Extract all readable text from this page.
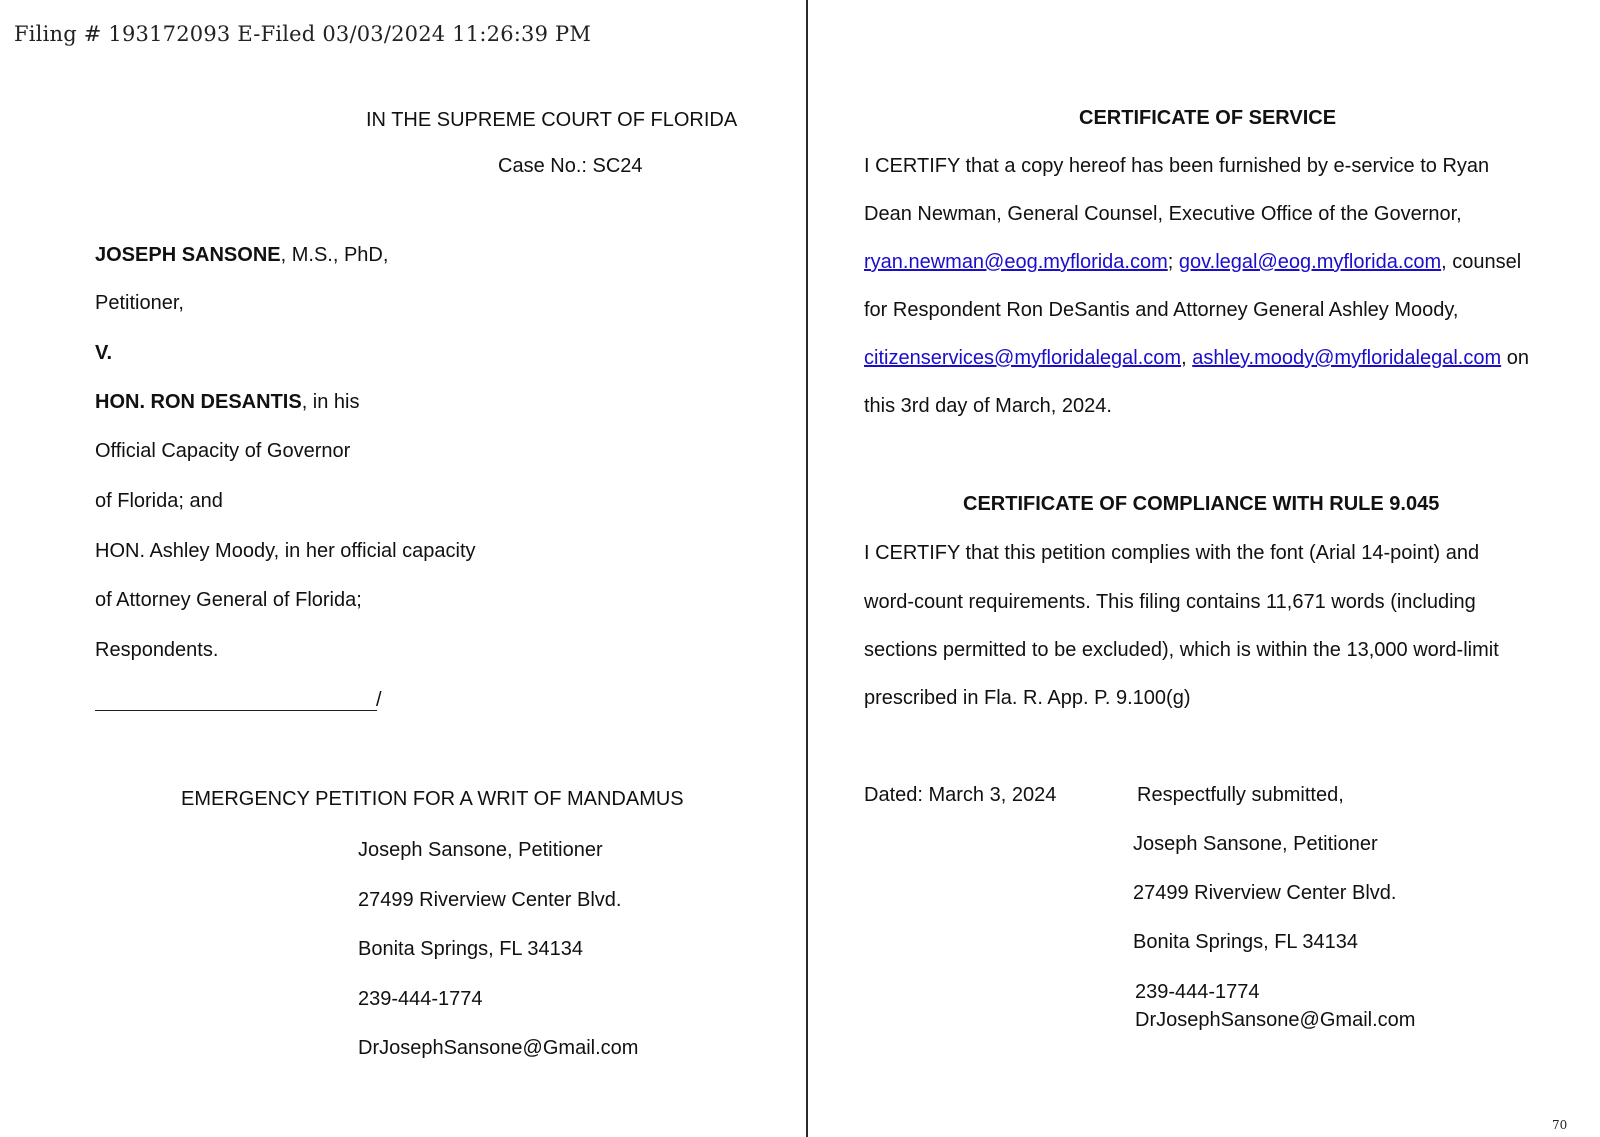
Filing # 193172093 E-Filed 03/03/2024 11:26:39 PM
IN THE SUPREME COURT OF FLORIDA
Case No.: SC24
JOSEPH SANSONE, M.S., PhD,
Petitioner,
V.
HON. RON DESANTIS, in his
Official Capacity of Governor
of Florida; and
HON. Ashley Moody, in her official capacity
of Attorney General of Florida;
Respondents.
/
EMERGENCY PETITION FOR A WRIT OF MANDAMUS
Joseph Sansone, Petitioner
27499 Riverview Center Blvd.
Bonita Springs, FL 34134
239-444-1774
DrJosephSansone@Gmail.com
CERTIFICATE OF SERVICE
I CERTIFY that a copy hereof has been furnished by e-service to Ryan
Dean Newman, General Counsel, Executive Office of the Governor,
ryan.newman@eog.myflorida.com; gov.legal@eog.myflorida.com, counsel
for Respondent Ron DeSantis and Attorney General Ashley Moody,
citizenservices@myfloridalegal.com, ashley.moody@myfloridalegal.com on
this 3rd day of March, 2024.
CERTIFICATE OF COMPLIANCE WITH RULE 9.045
I CERTIFY that this petition complies with the font (Arial 14-point) and
word-count requirements. This filing contains 11,671 words (including
sections permitted to be excluded), which is within the 13,000 word-limit
prescribed in Fla. R. App. P. 9.100(g)
Dated: March 3, 2024	Respectfully submitted,
Joseph Sansone, Petitioner
27499 Riverview Center Blvd.
Bonita Springs, FL 34134
239-444-1774
DrJosephSansone@Gmail.com
70
